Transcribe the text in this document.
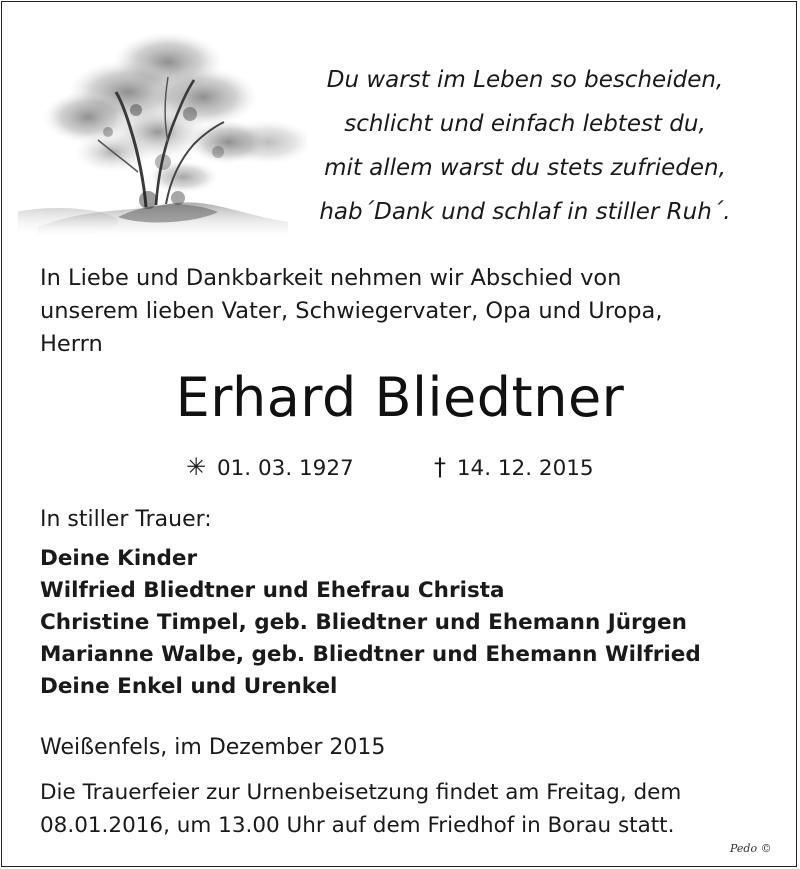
Du warst im Leben so bescheiden,
schlicht und einfach lebtest du,
mit allem warst du stets zufrieden,
hab´Dank und schlaf in stiller Ruh´.
In Liebe und Dankbarkeit nehmen wir Abschied von
unserem lieben Vater, Schwiegervater, Opa und Uropa,
Herrn
Erhard Bliedtner
✳ 01. 03. 1927	† 14. 12. 2015
In stiller Trauer:
Deine Kinder
Wilfried Bliedtner und Ehefrau Christa
Christine Timpel, geb. Bliedtner und Ehemann Jürgen
Marianne Walbe, geb. Bliedtner und Ehemann Wilfried
Deine Enkel und Urenkel
Weißenfels, im Dezember 2015
Die Trauerfeier zur Urnenbeisetzung findet am Freitag, dem
08.01.2016, um 13.00 Uhr auf dem Friedhof in Borau statt.
Pedo ©
